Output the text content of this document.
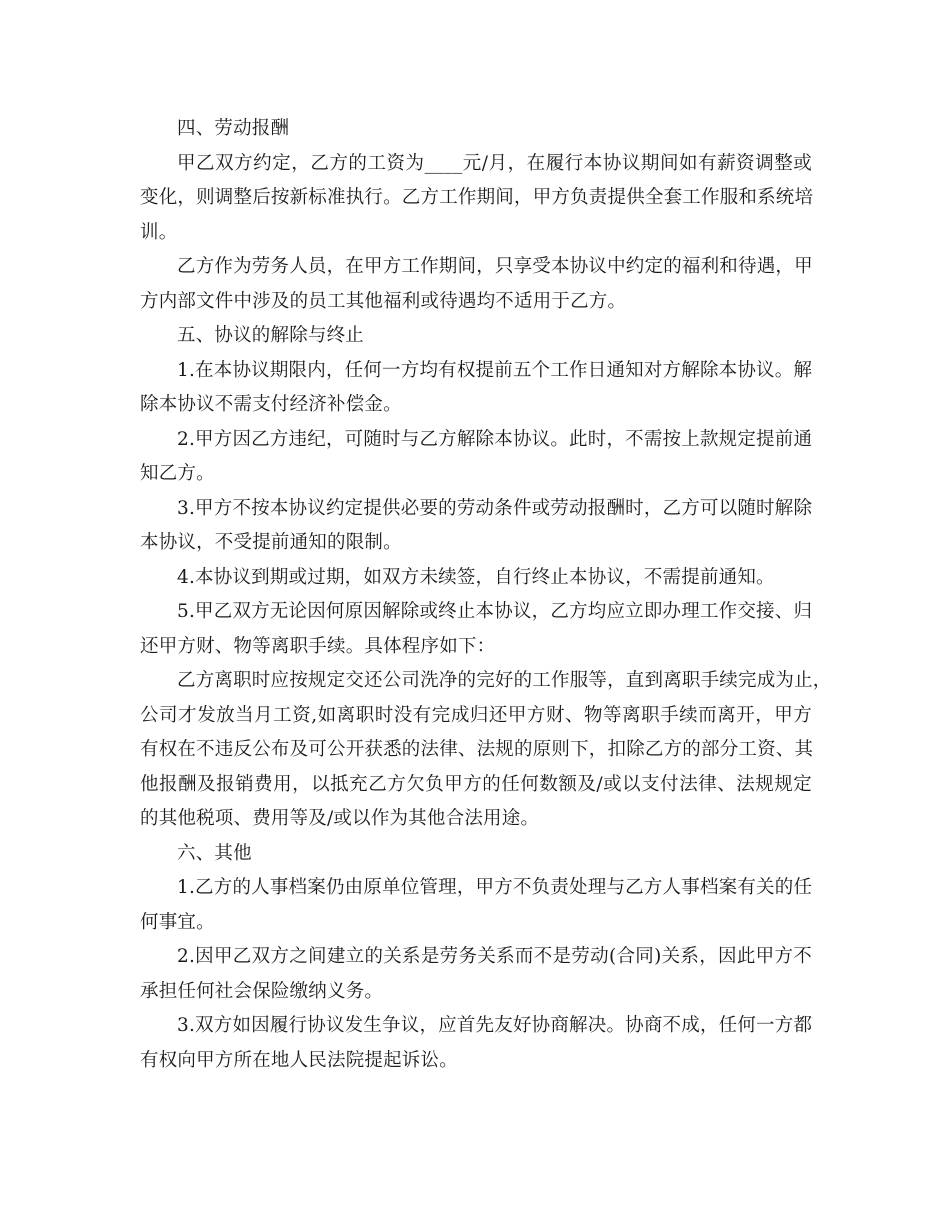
四、劳动报酬
甲乙双方约定，乙方的工资为____元/月，在履行本协议期间如有薪资调整或
变化，则调整后按新标准执行。乙方工作期间，甲方负责提供全套工作服和系统培
训。
乙方作为劳务人员，在甲方工作期间，只享受本协议中约定的福利和待遇，甲
方内部文件中涉及的员工其他福利或待遇均不适用于乙方。
五、协议的解除与终止
1.在本协议期限内，任何一方均有权提前五个工作日通知对方解除本协议。解
除本协议不需支付经济补偿金。
2.甲方因乙方违纪，可随时与乙方解除本协议。此时，不需按上款规定提前通
知乙方。
3.甲方不按本协议约定提供必要的劳动条件或劳动报酬时，乙方可以随时解除
本协议，不受提前通知的限制。
4.本协议到期或过期，如双方未续签，自行终止本协议，不需提前通知。
5.甲乙双方无论因何原因解除或终止本协议，乙方均应立即办理工作交接、归
还甲方财、物等离职手续。具体程序如下：
乙方离职时应按规定交还公司洗净的完好的工作服等，直到离职手续完成为止，
公司才发放当月工资,如离职时没有完成归还甲方财、物等离职手续而离开，甲方
有权在不违反公布及可公开获悉的法律、法规的原则下，扣除乙方的部分工资、其
他报酬及报销费用，以抵充乙方欠负甲方的任何数额及/或以支付法律、法规规定
的其他税项、费用等及/或以作为其他合法用途。
六、其他
1.乙方的人事档案仍由原单位管理，甲方不负责处理与乙方人事档案有关的任
何事宜。
2.因甲乙双方之间建立的关系是劳务关系而不是劳动(合同)关系，因此甲方不
承担任何社会保险缴纳义务。
3.双方如因履行协议发生争议，应首先友好协商解决。协商不成，任何一方都
有权向甲方所在地人民法院提起诉讼。
